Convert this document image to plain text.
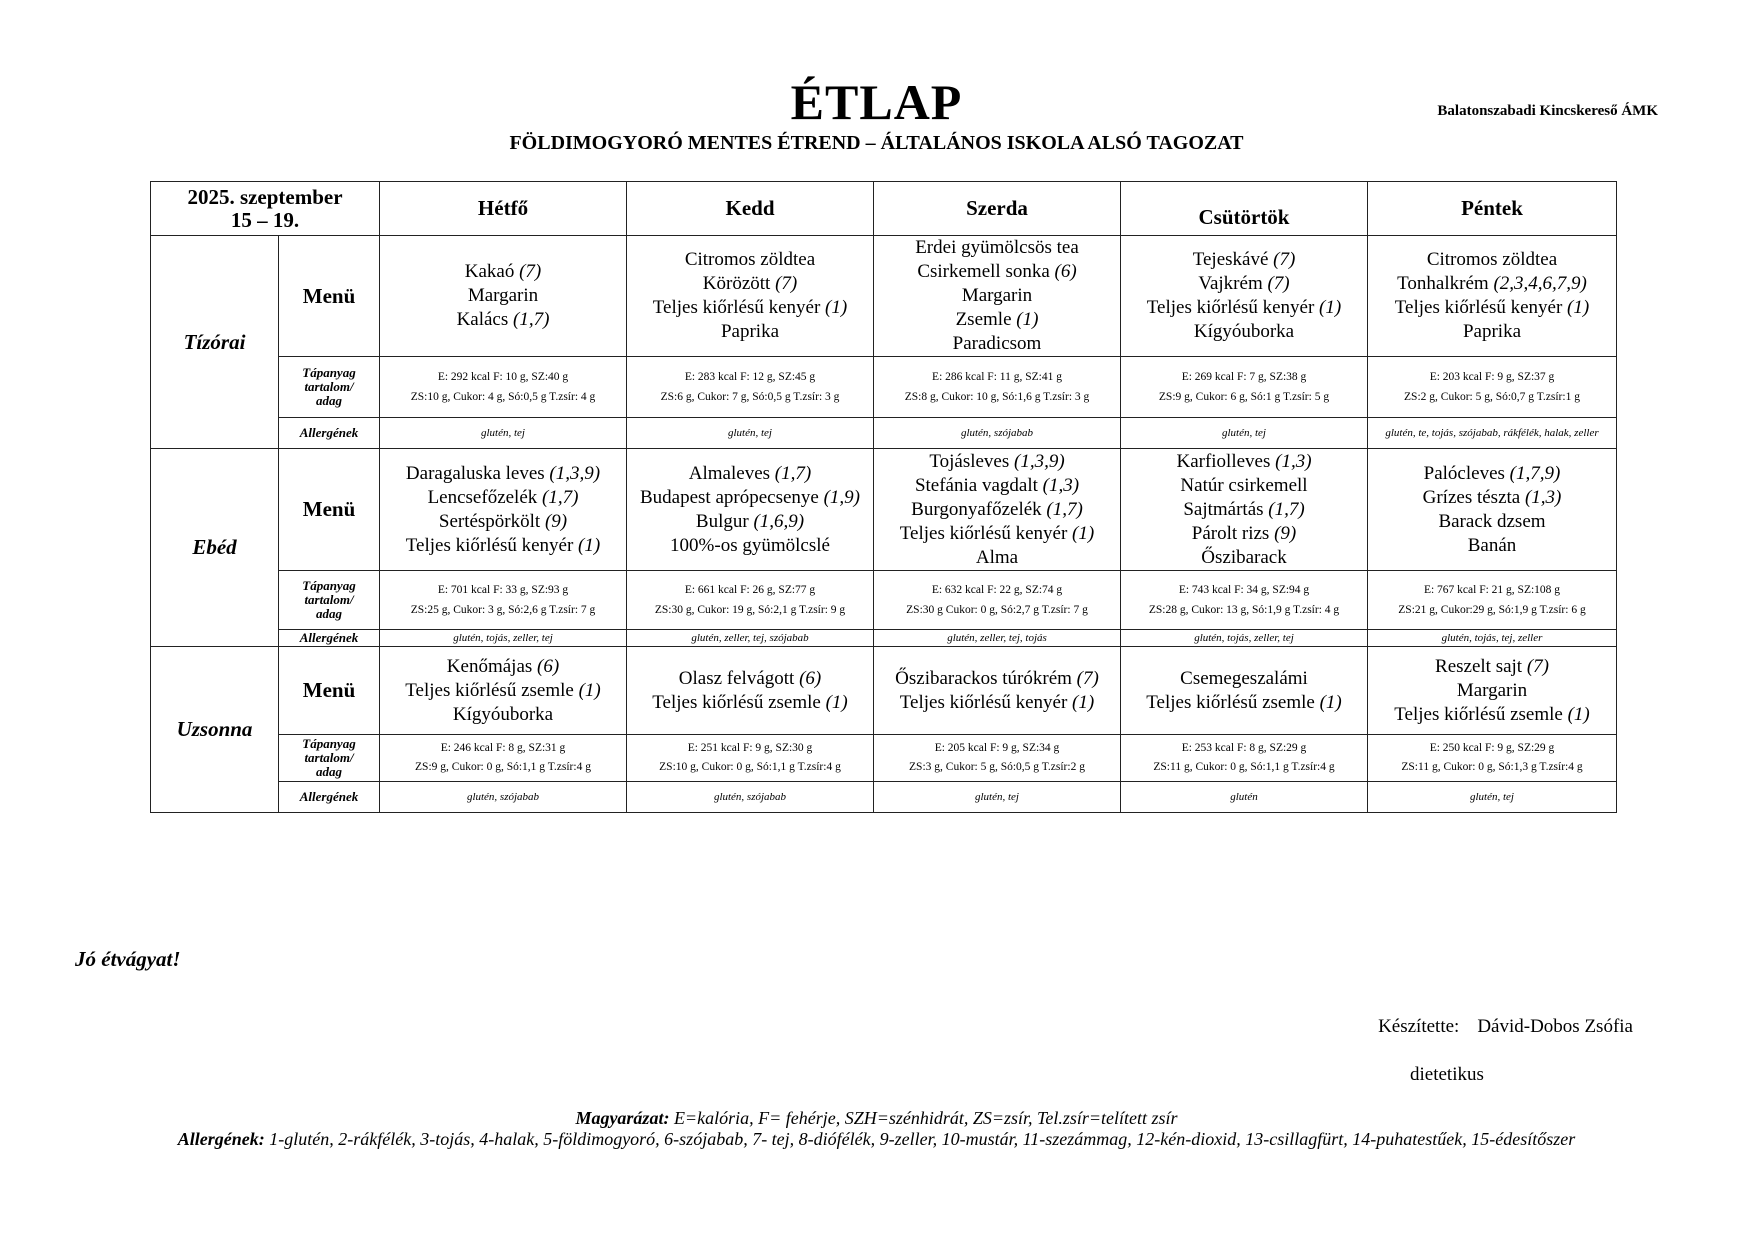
ÉTLAP	Balatonszabadi Kincskereső ÁMK
FÖLDIMOGYORÓ MENTES ÉTREND – ÁLTALÁNOS ISKOLA ALSÓ TAGOZAT
2025. szeptember
15 – 19.		Hétfő	Kedd	Szerda	Csütörtök	Péntek
Tízórai	Menü	Kakaó (7)
Margarin
Kalács (1,7)	Citromos zöldtea
Körözött (7)
Teljes kiőrlésű kenyér (1)
Paprika	Erdei gyümölcsös tea
Csirkemell sonka (6)
Margarin
Zsemle (1)
Paradicsom	Tejeskávé (7)
Vajkrém (7)
Teljes kiőrlésű kenyér (1)
Kígyóuborka	Citromos zöldtea
Tonhalkrém (2,3,4,6,7,9)
Teljes kiőrlésű kenyér (1)
Paprika

	Tápanyag
tartalom/
adag	E: 292 kcal F: 10 g, SZ:40 g
ZS:10 g, Cukor: 4 g, Só:0,5 g T.zsír: 4 g	E: 283 kcal F: 12 g, SZ:45 g
ZS:6 g, Cukor: 7 g, Só:0,5 g T.zsír: 3 g	E: 286 kcal F: 11 g, SZ:41 g
ZS:8 g, Cukor: 10 g, Só:1,6 g T.zsír: 3 g	E: 269 kcal F: 7 g, SZ:38 g
ZS:9 g, Cukor: 6 g, Só:1 g T.zsír: 5 g	E: 203 kcal F: 9 g, SZ:37 g
ZS:2 g, Cukor: 5 g, Só:0,7 g T.zsír:1 g

	Allergének	glutén, tej	glutén, tej	glutén, szójabab	glutén, tej	glutén, te, tojás, szójabab, rákfélék, halak, zeller
Ebéd	Menü	Daragaluska leves (1,3,9)
Lencsefőzelék (1,7)
Sertéspörkölt (9)
Teljes kiőrlésű kenyér (1)	Almaleves (1,7)
Budapest aprópecsenye (1,9)
Bulgur (1,6,9)
100%-os gyümölcslé	Tojásleves (1,3,9)
Stefánia vagdalt (1,3)
Burgonyafőzelék (1,7)
Teljes kiőrlésű kenyér (1)
Alma	Karfiolleves (1,3)
Natúr csirkemell
Sajtmártás (1,7)
Párolt rizs (9)
Őszibarack	Palócleves (1,7,9)
Grízes tészta (1,3)
Barack dzsem
Banán

	Tápanyag
tartalom/
adag	E: 701 kcal F: 33 g, SZ:93 g
ZS:25 g, Cukor: 3 g, Só:2,6 g T.zsír: 7 g	E: 661 kcal F: 26 g, SZ:77 g
ZS:30 g, Cukor: 19 g, Só:2,1 g T.zsír: 9 g	E: 632 kcal F: 22 g, SZ:74 g
ZS:30 g Cukor: 0 g, Só:2,7 g T.zsír: 7 g	E: 743 kcal F: 34 g, SZ:94 g
ZS:28 g, Cukor: 13 g, Só:1,9 g T.zsír: 4 g	E: 767 kcal F: 21 g, SZ:108 g
ZS:21 g, Cukor:29 g, Só:1,9 g T.zsír: 6 g

	Allergének	glutén, tojás, zeller, tej	glutén, zeller, tej, szójabab	glutén, zeller, tej, tojás	glutén, tojás, zeller, tej	glutén, tojás, tej, zeller
Uzsonna	Menü	Kenőmájas (6)
Teljes kiőrlésű zsemle (1)
Kígyóuborka	Olasz felvágott (6)
Teljes kiőrlésű zsemle (1)	Őszibarackos túrókrém (7)
Teljes kiőrlésű kenyér (1)	Csemegeszalámi
Teljes kiőrlésű zsemle (1)	Reszelt sajt (7)
Margarin
Teljes kiőrlésű zsemle (1)

	Tápanyag
tartalom/
adag	E: 246 kcal F: 8 g, SZ:31 g
ZS:9 g, Cukor: 0 g, Só:1,1 g T.zsír:4 g	E: 251 kcal F: 9 g, SZ:30 g
ZS:10 g, Cukor: 0 g, Só:1,1 g T.zsír:4 g	E: 205 kcal F: 9 g, SZ:34 g
ZS:3 g, Cukor: 5 g, Só:0,5 g T.zsír:2 g	E: 253 kcal F: 8 g, SZ:29 g
ZS:11 g, Cukor: 0 g, Só:1,1 g T.zsír:4 g	E: 250 kcal F: 9 g, SZ:29 g
ZS:11 g, Cukor: 0 g, Só:1,3 g T.zsír:4 g

	Allergének	glutén, szójabab	glutén, szójabab	glutén, tej	glutén	glutén, tej
Jó étvágyat!
Készítette: Dávid-Dobos Zsófia
dietetikus
Magyarázat: E=kalória, F= fehérje, SZH=szénhidrát, ZS=zsír, Tel.zsír=telített zsír
Allergének: 1-glutén, 2-rákfélék, 3-tojás, 4-halak, 5-földimogyoró, 6-szójabab, 7- tej, 8-diófélék, 9-zeller, 10-mustár, 11-szezámmag, 12-kén-dioxid, 13-csillagfürt, 14-puhatestűek, 15-édesítőszer
